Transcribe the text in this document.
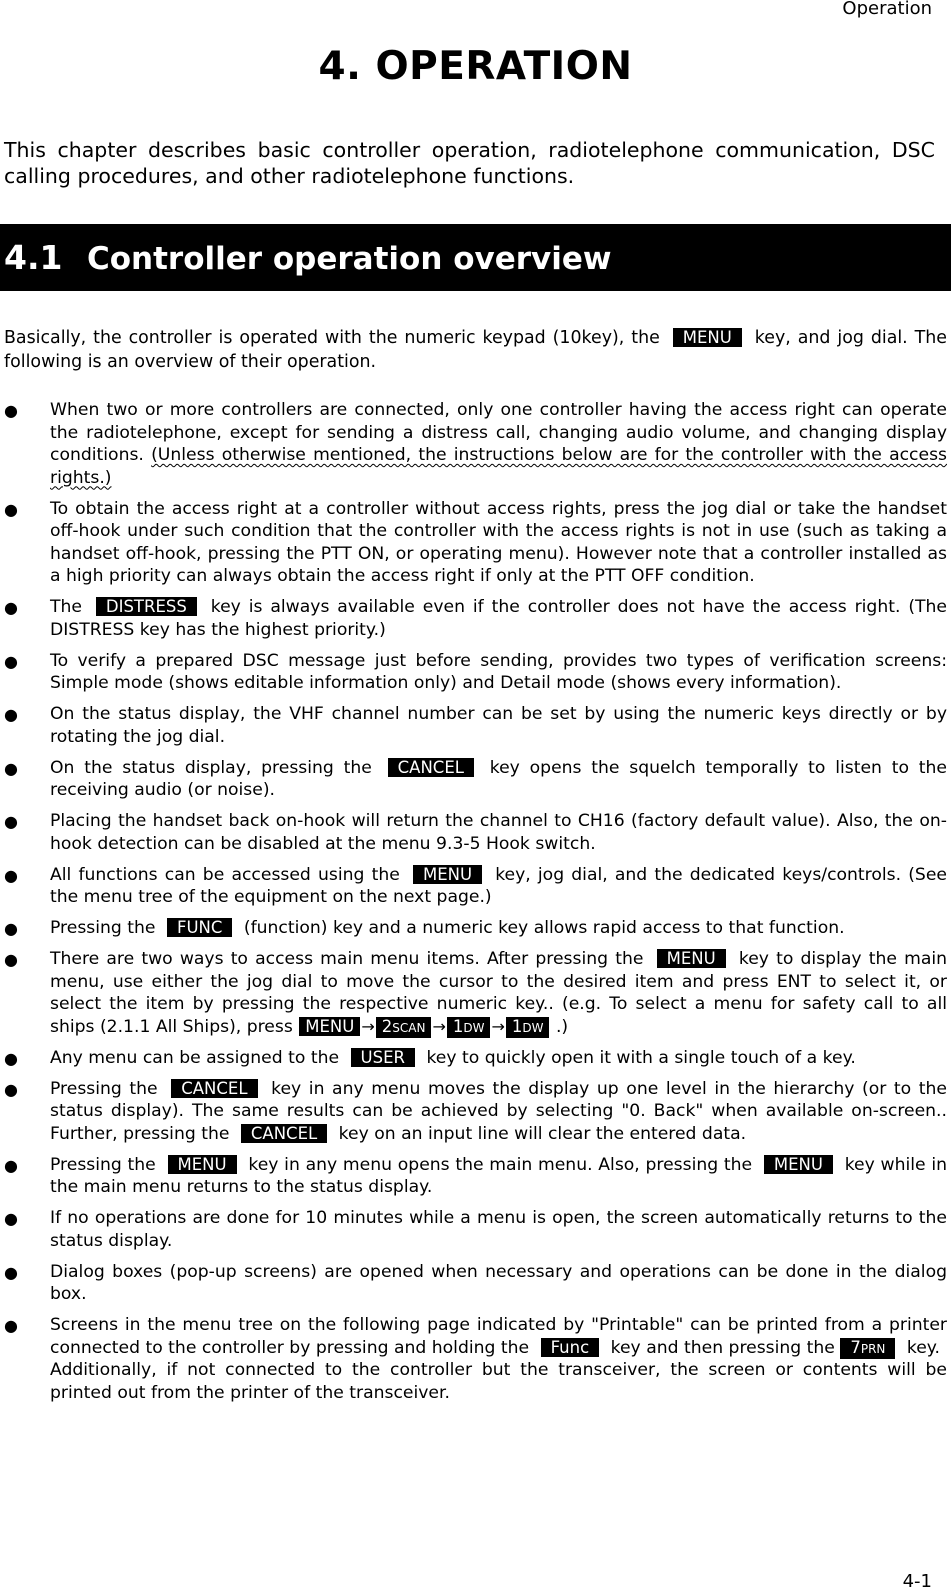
Operation
4. OPERATION
This chapter describes basic controller operation, radiotelephone communication, DSC calling procedures, and other radiotelephone functions.
4.1 Controller operation overview
Basically, the controller is operated with the numeric keypad (10key), the MENU key, and jog dial. The following is an overview of their operation.
● When two or more controllers are connected, only one controller having the access right can operate the radiotelephone, except for sending a distress call, changing audio volume, and changing display conditions. (Unless otherwise mentioned, the instructions below are for the controller with the access rights.)
● To obtain the access right at a controller without access rights, press the jog dial or take the handset off-hook under such condition that the controller with the access rights is not in use (such as taking a handset off-hook, pressing the PTT ON, or operating menu). However note that a controller installed as a high priority can always obtain the access right if only at the PTT OFF condition.
● The DISTRESS key is always available even if the controller does not have the access right. (The DISTRESS key has the highest priority.)
● To verify a prepared DSC message just before sending, provides two types of verification screens: Simple mode (shows editable information only) and Detail mode (shows every information).
● On the status display, the VHF channel number can be set by using the numeric keys directly or by rotating the jog dial.
● On the status display, pressing the CANCEL key opens the squelch temporally to listen to the receiving audio (or noise).
● Placing the handset back on-hook will return the channel to CH16 (factory default value). Also, the on-hook detection can be disabled at the menu 9.3-5 Hook switch.
● All functions can be accessed using the MENU key, jog dial, and the dedicated keys/controls. (See the menu tree of the equipment on the next page.)
● Pressing the FUNC (function) key and a numeric key allows rapid access to that function.
● There are two ways to access main menu items. After pressing the MENU key to display the main menu, use either the jog dial to move the cursor to the desired item and press ENT to select it, or select the item by pressing the respective numeric key.. (e.g. To select a menu for safety call to all ships (2.1.1 All Ships), press MENU → 2SCAN → 1DW → 1DW .)
● Any menu can be assigned to the USER key to quickly open it with a single touch of a key.
● Pressing the CANCEL key in any menu moves the display up one level in the hierarchy (or to the status display). The same results can be achieved by selecting "0. Back" when available on-screen.. Further, pressing the CANCEL key on an input line will clear the entered data.
● Pressing the MENU key in any menu opens the main menu. Also, pressing the MENU key while in the main menu returns to the status display.
● If no operations are done for 10 minutes while a menu is open, the screen automatically returns to the status display.
● Dialog boxes (pop-up screens) are opened when necessary and operations can be done in the dialog box.
● Screens in the menu tree on the following page indicated by "Printable" can be printed from a printer connected to the controller by pressing and holding the Func key and then pressing the 7PRN key.
Additionally, if not connected to the controller but the transceiver, the screen or contents will be printed out from the printer of the transceiver.
4-1
